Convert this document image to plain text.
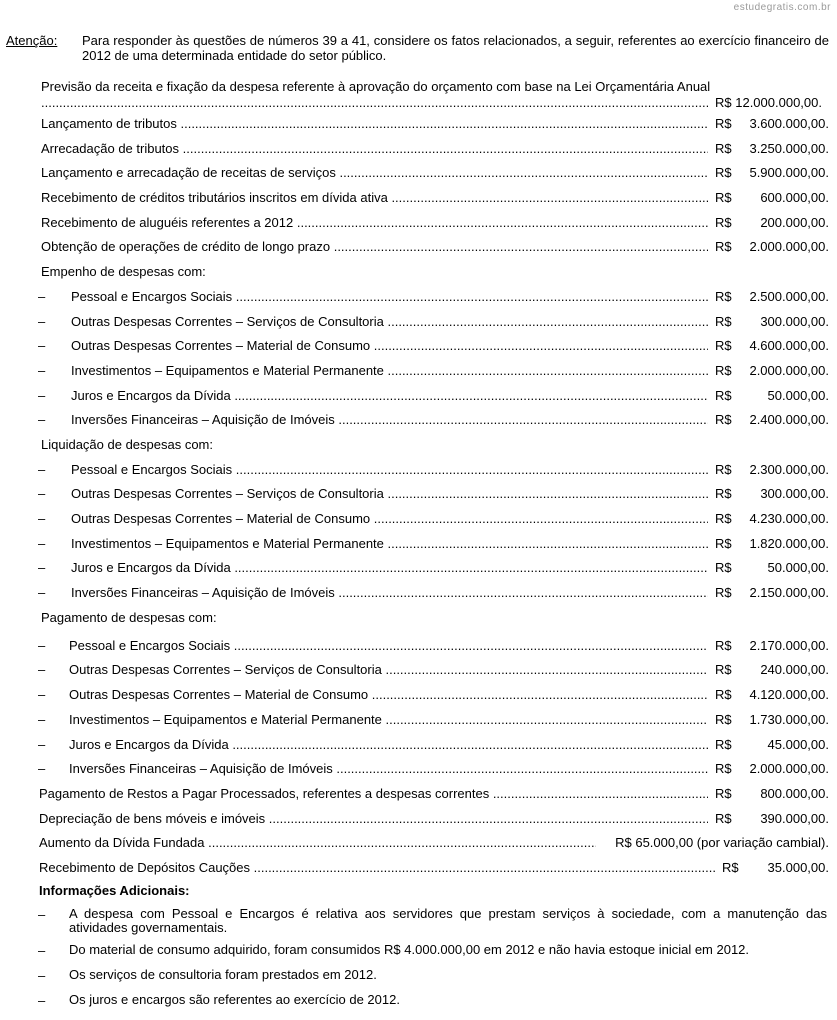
estudegratis.com.br
Atenção: Para responder às questões de números 39 a 41, considere os fatos relacionados, a seguir, referentes ao exercício financeiro de 2012 de uma determinada entidade do setor público.
Previsão da receita e fixação da despesa referente à aprovação do orçamento com base na Lei Orçamentária Anual
.....
R$ 12.000.000,00.
Lançamento de tributos .....	R$ 3.600.000,00.
Arrecadação de tributos .....	R$ 3.250.000,00.
Lançamento e arrecadação de receitas de serviços .....	R$ 5.900.000,00.
Recebimento de créditos tributários inscritos em dívida ativa .....	R$ 600.000,00.
Recebimento de aluguéis referentes a 2012 .....	R$ 200.000,00.
Obtenção de operações de crédito de longo prazo .....	R$ 2.000.000,00.
Empenho de despesas com:
– Pessoal e Encargos Sociais .....	R$ 2.500.000,00.
– Outras Despesas Correntes – Serviços de Consultoria .....	R$ 300.000,00.
– Outras Despesas Correntes – Material de Consumo .....	R$ 4.600.000,00.
– Investimentos – Equipamentos e Material Permanente .....	R$ 2.000.000,00.
– Juros e Encargos da Dívida .....	R$	50.000,00.
– Inversões Financeiras – Aquisição de Imóveis .....	R$ 2.400.000,00.
Liquidação de despesas com:
– Pessoal e Encargos Sociais .....	R$ 2.300.000,00.
– Outras Despesas Correntes – Serviços de Consultoria .....	R$ 300.000,00.
– Outras Despesas Correntes – Material de Consumo .....	R$ 4.230.000,00.
– Investimentos – Equipamentos e Material Permanente .....	R$ 1.820.000,00.
– Juros e Encargos da Dívida .....	R$	50.000,00.
– Inversões Financeiras – Aquisição de Imóveis .....	R$ 2.150.000,00.
Pagamento de despesas com:
– Pessoal e Encargos Sociais .....	R$ 2.170.000,00.
– Outras Despesas Correntes – Serviços de Consultoria .....	R$ 240.000,00.
– Outras Despesas Correntes – Material de Consumo .....	R$ 4.120.000,00.
– Investimentos – Equipamentos e Material Permanente .....	R$ 1.730.000,00.
– Juros e Encargos da Dívida .....	R$	45.000,00.
– Inversões Financeiras – Aquisição de Imóveis .....	R$ 2.000.000,00.
Pagamento de Restos a Pagar Processados, referentes a despesas correntes .....	R$ 800.000,00.
Depreciação de bens móveis e imóveis .....	R$ 390.000,00.
Aumento da Dívida Fundada .....	R$ 65.000,00 (por variação cambial).
Recebimento de Depósitos Cauções .....	R$ 35.000,00.
Informações Adicionais:
– A despesa com Pessoal e Encargos é relativa aos servidores que prestam serviços à sociedade, com a manutenção das atividades governamentais.
– Do material de consumo adquirido, foram consumidos R$ 4.000.000,00 em 2012 e não havia estoque inicial em 2012.
– Os serviços de consultoria foram prestados em 2012.
– Os juros e encargos são referentes ao exercício de 2012.
